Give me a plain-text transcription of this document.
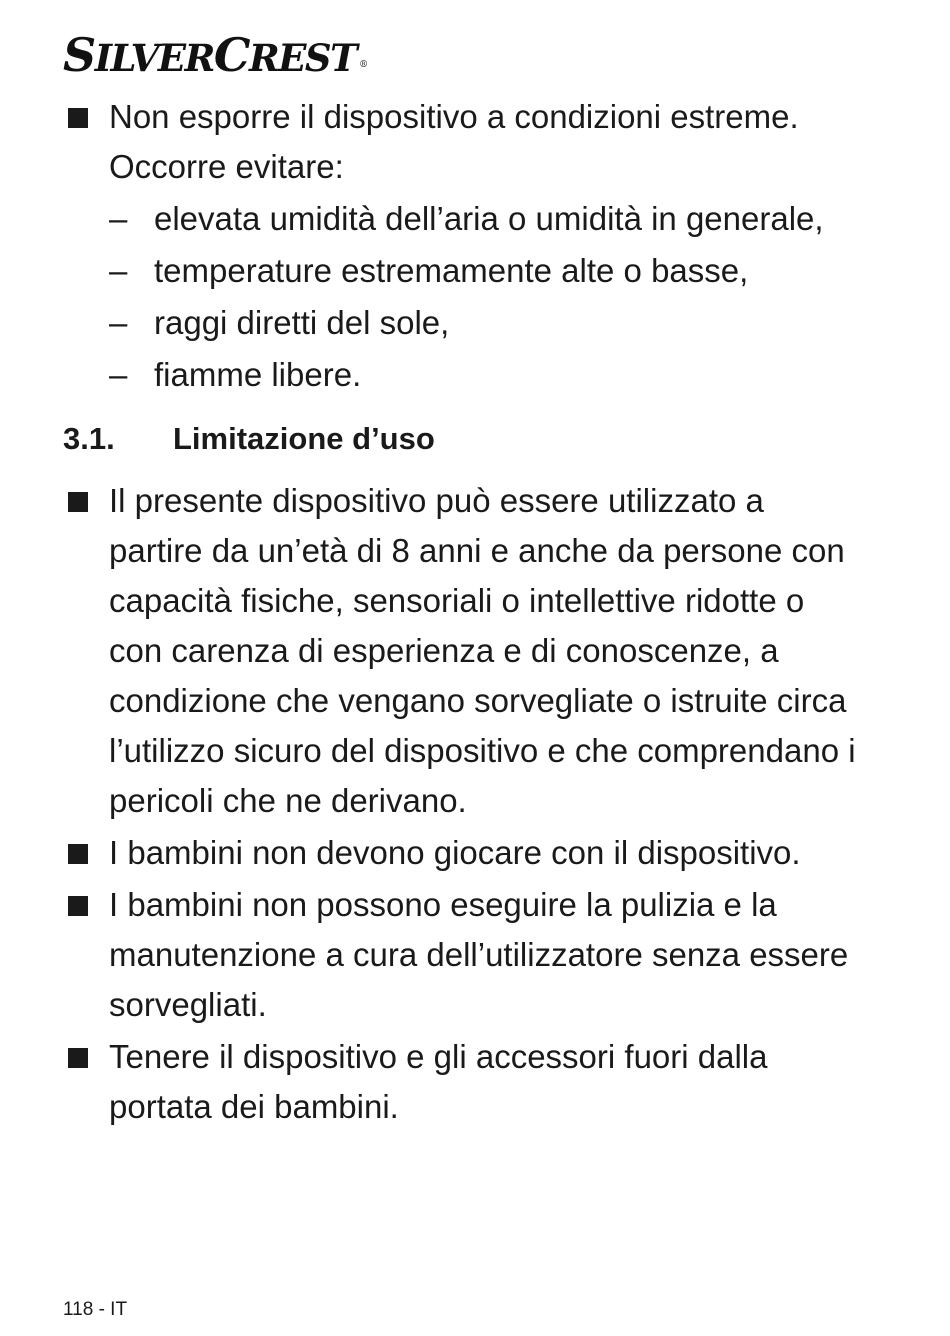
SILVERCREST ®
Non esporre il dispositivo a condizioni estreme. Occorre evitare:
– elevata umidità dell’aria o umidità in generale,
– temperature estremamente alte o basse,
– raggi diretti del sole,
– fiamme libere.
3.1.	Limitazione d’uso
Il presente dispositivo può essere utilizzato a partire da un’età di 8 anni e anche da persone con capacità fisiche, sensoriali o intellettive ridotte o con carenza di esperienza e di conoscenze, a condizione che vengano sorvegliate o istruite circa l’utilizzo sicuro del dispositivo e che comprendano i pericoli che ne derivano.
I bambini non devono giocare con il dispositivo.
I bambini non possono eseguire la pulizia e la manutenzione a cura dell’utilizzatore senza essere sorvegliati.
Tenere il dispositivo e gli accessori fuori dalla portata dei bambini.
118 - IT
